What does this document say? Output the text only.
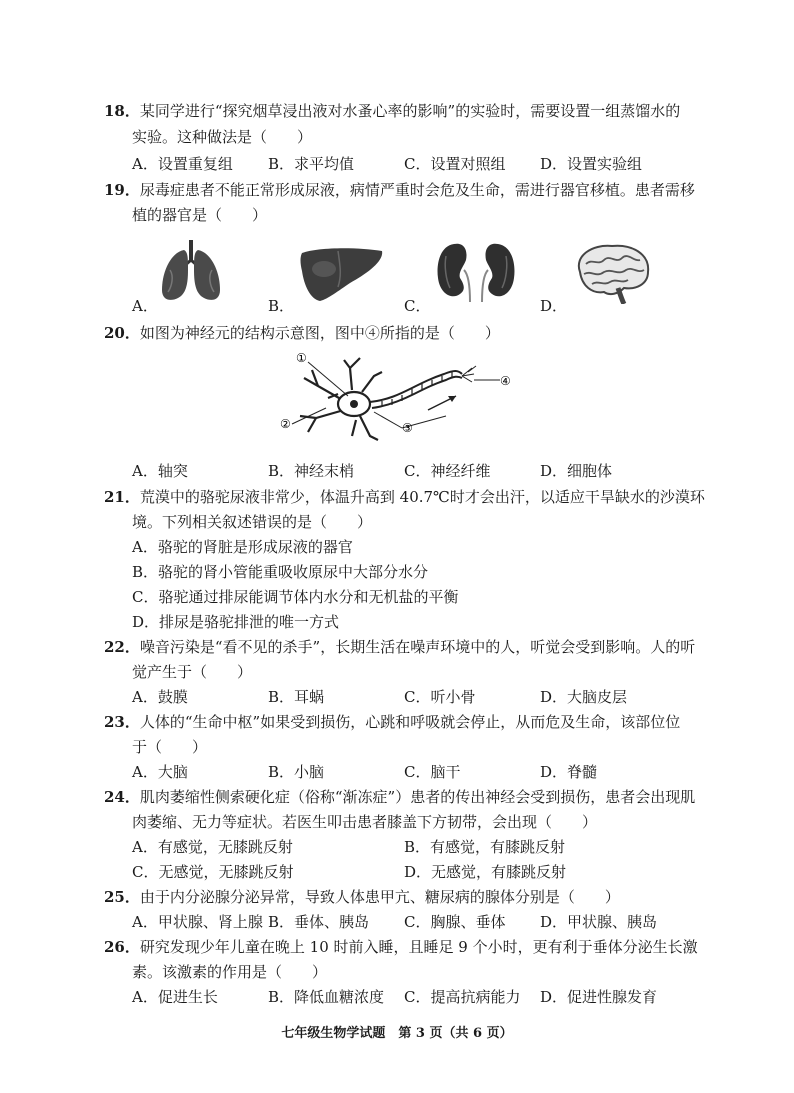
18．某同学进行“探究烟草浸出液对水蚤心率的影响”的实验时，需要设置一组蒸馏水的
实验。这种做法是（　　）
A．设置重复组 B．求平均值	C．设置对照组 D．设置实验组
19．尿毒症患者不能正常形成尿液，病情严重时会危及生命，需进行器官移植。患者需移
植的器官是（　　）
A．	B．	C．	D．
20．如图为神经元的结构示意图，图中④所指的是（　　）
①
②	③
④
A．轴突	B．神经末梢	C．神经纤维	D．细胞体
21．荒漠中的骆驼尿液非常少，体温升高到 40.7℃时才会出汗，以适应干旱缺水的沙漠环
境。下列相关叙述错误的是（　　）
A．骆驼的肾脏是形成尿液的器官
B．骆驼的肾小管能重吸收原尿中大部分水分
C．骆驼通过排尿能调节体内水分和无机盐的平衡
D．排尿是骆驼排泄的唯一方式
22．噪音污染是“看不见的杀手”，长期生活在噪声环境中的人，听觉会受到影响。人的听
觉产生于（　　）
A．鼓膜	B．耳蜗	C．听小骨	D．大脑皮层
23．人体的“生命中枢”如果受到损伤，心跳和呼吸就会停止，从而危及生命，该部位位
于（　　）
A．大脑	B．小脑	C．脑干	D．脊髓
24．肌肉萎缩性侧索硬化症（俗称“渐冻症”）患者的传出神经会受到损伤，患者会出现肌
肉萎缩、无力等症状。若医生叩击患者膝盖下方韧带，会出现（　　）
A．有感觉，无膝跳反射	B．有感觉，有膝跳反射
C．无感觉，无膝跳反射	D．无感觉，有膝跳反射
25．由于内分泌腺分泌异常，导致人体患甲亢、糖尿病的腺体分别是（　　）
A．甲状腺、肾上腺 B．垂体、胰岛 C．胸腺、垂体 D．甲状腺、胰岛
26．研究发现少年儿童在晚上 10 时前入睡，且睡足 9 个小时，更有利于垂体分泌生长激
素。该激素的作用是（　　）
A．促进生长	B．降低血糖浓度 C．提高抗病能力 D．促进性腺发育
七年级生物学试题　第 3 页（共 6 页）
